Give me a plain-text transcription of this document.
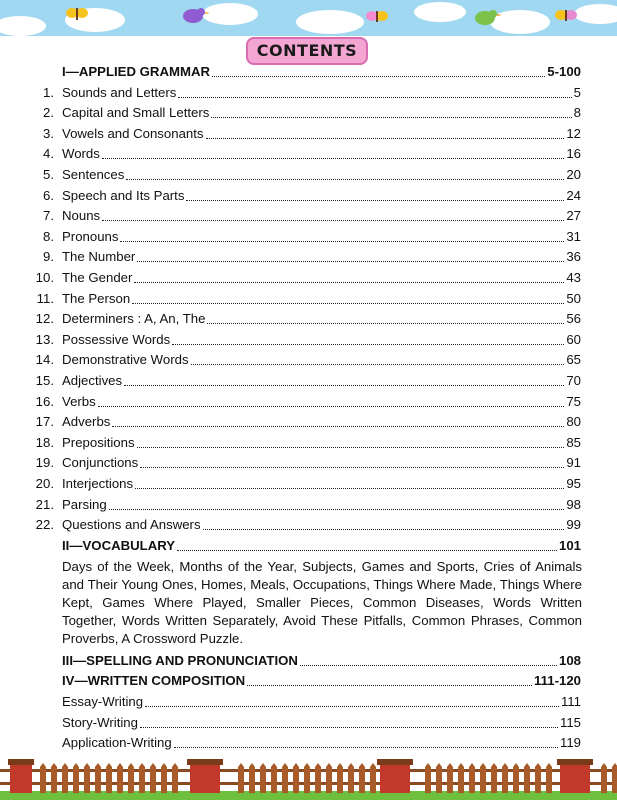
CONTENTS
I—APPLIED GRAMMAR	5-100
1. Sounds and Letters	5
2. Capital and Small Letters	8
3. Vowels and Consonants	12
4. Words	16
5. Sentences	20
6. Speech and Its Parts	24
7. Nouns	27
8. Pronouns	31
9. The Number	36
10. The Gender	43
11. The Person	50
12. Determiners : A, An, The	56
13. Possessive Words	60
14. Demonstrative Words	65
15. Adjectives	70
16. Verbs	75
17. Adverbs	80
18. Prepositions	85
19. Conjunctions	91
20. Interjections	95
21. Parsing	98
22. Questions and Answers	99
II—VOCABULARY	101
Days of the Week, Months of the Year, Subjects, Games and Sports, Cries of Animals and Their Young Ones, Homes, Meals, Occupations, Things Where Made, Things Where Kept, Games Where Played, Smaller Pieces, Common Diseases, Words Written Together, Words Written Separately, Avoid These Pitfalls, Common Phrases, Common Proverbs, A Crossword Puzzle.
III—SPELLING AND PRONUNCIATION	108
IV—WRITTEN COMPOSITION	111-120
Essay-Writing	111
Story-Writing	115
Application-Writing	119
